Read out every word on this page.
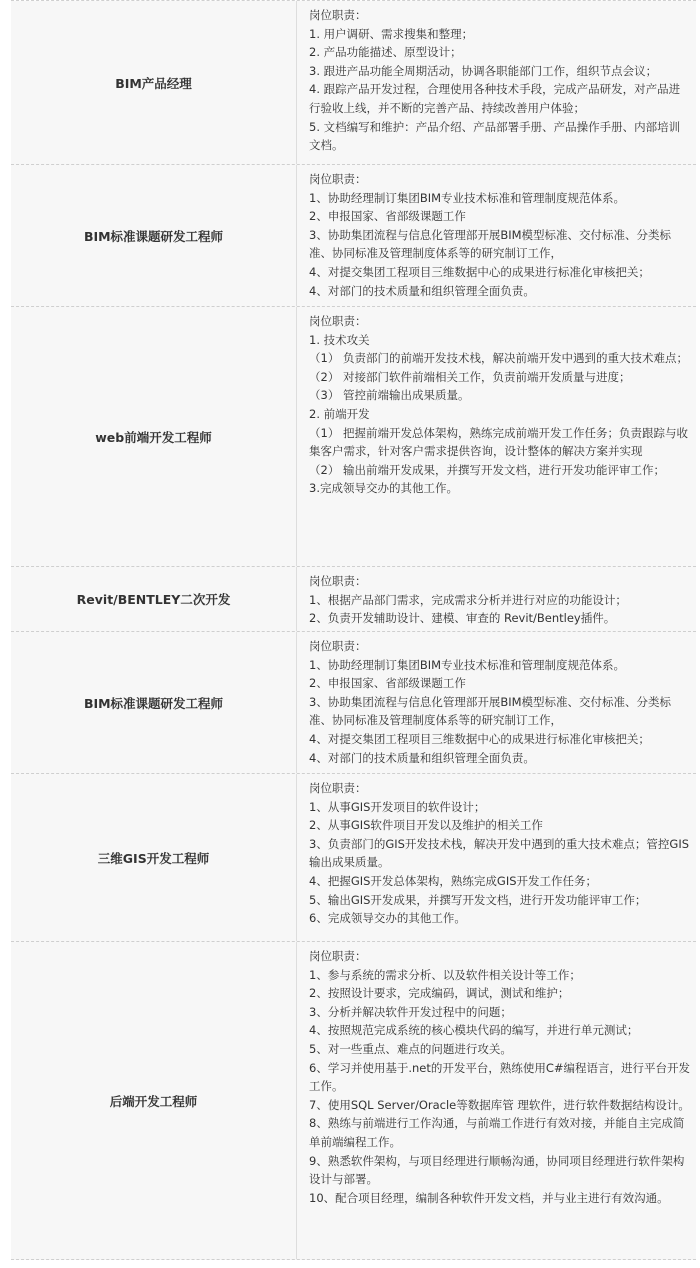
BIM产品经理
岗位职责：
1. 用户调研、需求搜集和整理；
2. 产品功能描述、原型设计；
3. 跟进产品功能全周期活动，协调各职能部门工作，组织节点会议；
4. 跟踪产品开发过程，合理使用各种技术手段，完成产品研发，对产品进行验收上线，并不断的完善产品、持续改善用户体验；
5. 文档编写和维护：产品介绍、产品部署手册、产品操作手册、内部培训文档。
BIM标准课题研发工程师
岗位职责：
1、协助经理制订集团BIM专业技术标准和管理制度规范体系。
2、申报国家、省部级课题工作
3、协助集团流程与信息化管理部开展BIM模型标准、交付标准、分类标准、协同标准及管理制度体系等的研究制订工作，
4、对提交集团工程项目三维数据中心的成果进行标准化审核把关；
4、对部门的技术质量和组织管理全面负责。
web前端开发工程师
岗位职责：
1. 技术攻关
（1） 负责部门的前端开发技术栈，解决前端开发中遇到的重大技术难点；
（2） 对接部门软件前端相关工作，负责前端开发质量与进度；
（3） 管控前端输出成果质量。
2. 前端开发
（1） 把握前端开发总体架构，熟练完成前端开发工作任务；负责跟踪与收集客户需求，针对客户需求提供咨询，设计整体的解决方案并实现
（2） 输出前端开发成果，并撰写开发文档，进行开发功能评审工作；
3.完成领导交办的其他工作。
Revit/BENTLEY二次开发
岗位职责：
1、根据产品部门需求，完成需求分析并进行对应的功能设计；
2、负责开发辅助设计、建模、审查的 Revit/Bentley插件。
BIM标准课题研发工程师
岗位职责：
1、协助经理制订集团BIM专业技术标准和管理制度规范体系。
2、申报国家、省部级课题工作
3、协助集团流程与信息化管理部开展BIM模型标准、交付标准、分类标准、协同标准及管理制度体系等的研究制订工作，
4、对提交集团工程项目三维数据中心的成果进行标准化审核把关；
4、对部门的技术质量和组织管理全面负责。
三维GIS开发工程师
岗位职责：
1、从事GIS开发项目的软件设计；
2、从事GIS软件项目开发以及维护的相关工作
3、负责部门的GIS开发技术栈，解决开发中遇到的重大技术难点；管控GIS输出成果质量。
4、把握GIS开发总体架构，熟练完成GIS开发工作任务；
5、输出GIS开发成果，并撰写开发文档，进行开发功能评审工作；
6、完成领导交办的其他工作。
后端开发工程师
岗位职责：
1、参与系统的需求分析、以及软件相关设计等工作；
2、按照设计要求，完成编码，调试，测试和维护；
3、分析并解决软件开发过程中的问题；
4、按照规范完成系统的核心模块代码的编写，并进行单元测试；
5、对一些重点、难点的问题进行攻关。
6、学习并使用基于.net的开发平台，熟练使用C#编程语言，进行平台开发工作。
7、使用SQL Server/Oracle等数据库管 理软件，进行软件数据结构设计。
8、熟练与前端进行工作沟通，与前端工作进行有效对接，并能自主完成简单前端编程工作。
9、熟悉软件架构，与项目经理进行顺畅沟通，协同项目经理进行软件架构设计与部署。
10、配合项目经理，编制各种软件开发文档，并与业主进行有效沟通。
